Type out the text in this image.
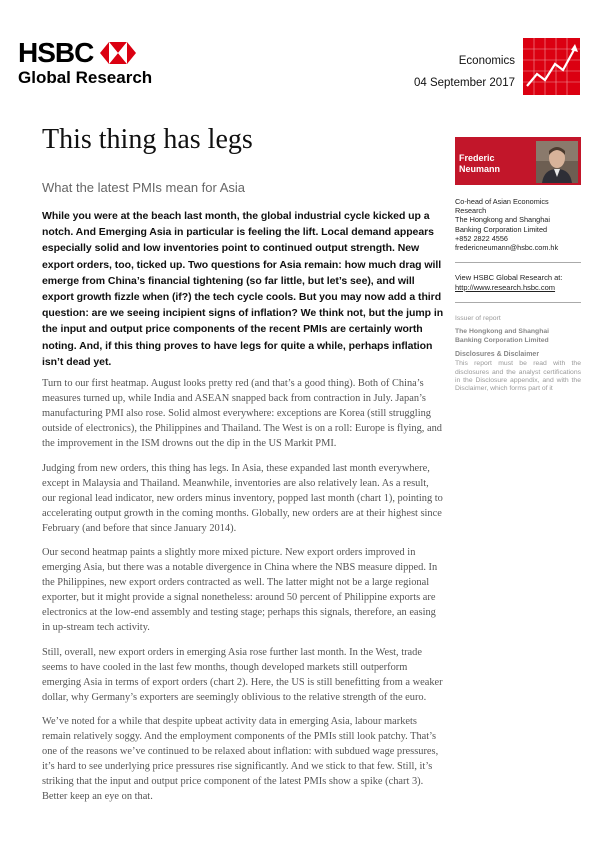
HSBC
Global Research
Economics
04 September 2017
This thing has legs
What the latest PMIs mean for Asia

While you were at the beach last month, the global industrial cycle kicked up a notch. And Emerging Asia in particular is feeling the lift. Local demand appears especially solid and low inventories point to continued output strength. New export orders, too, ticked up. Two questions for Asia remain: how much drag will emerge from China’s financial tightening (so far little, but let’s see), and will export growth fizzle when (if?) the tech cycle cools. But you may now add a third question: are we seeing incipient signs of inflation? We think not, but the jump in the input and output price components of the recent PMIs are certainly worth noting. And, if this thing proves to have legs for quite a while, perhaps inflation isn’t dead yet.

Turn to our first heatmap. August looks pretty red (and that’s a good thing). Both of China’s measures turned up, while India and ASEAN snapped back from contraction in July. Japan’s manufacturing PMI also rose. Solid almost everywhere: exceptions are Korea (still struggling outside of electronics), the Philippines and Thailand. The West is on a roll: Europe is flying, and the improvement in the ISM drowns out the dip in the US Markit PMI.

Judging from new orders, this thing has legs. In Asia, these expanded last month everywhere, except in Malaysia and Thailand. Meanwhile, inventories are also relatively lean. As a result, our regional lead indicator, new orders minus inventory, popped last month (chart 1), pointing to accelerating output growth in the coming months. Globally, new orders are at their highest since February (and before that since January 2014).

Our second heatmap paints a slightly more mixed picture. New export orders improved in emerging Asia, but there was a notable divergence in China where the NBS measure dipped. In the Philippines, new export orders contracted as well. The latter might not be a large regional exporter, but it might provide a signal nonetheless: around 50 percent of Philippine exports are electronics at the low-end assembly and testing stage; perhaps this signals, therefore, an easing in up-stream tech activity.

Still, overall, new export orders in emerging Asia rose further last month. In the West, trade seems to have cooled in the last few months, though developed markets still outperform emerging Asia in terms of export orders (chart 2). Here, the US is still benefitting from a weaker dollar, why Germany’s exporters are seemingly oblivious to the relative strength of the euro.

We’ve noted for a while that despite upbeat activity data in emerging Asia, labour markets remain relatively soggy. And the employment components of the PMIs still look patchy. That’s one of the reasons we’ve continued to be relaxed about inflation: with subdued wage pressures, it’s hard to see underlying price pressures rise significantly. And we stick to that few. Still, it’s striking that the input and output price component of the latest PMIs show a spike (chart 3). Better keep an eye on that.

Frederic
Neumann
Co-head of Asian Economics
Research
The Hongkong and Shanghai
Banking Corporation Limited
+852 2822 4556
fredericneumann@hsbc.com.hk
View HSBC Global Research at:
http://www.research.hsbc.com
Issuer of report
The Hongkong and Shanghai
Banking Corporation Limited
Disclosures & Disclaimer
This report must be read with the disclosures and the analyst certifications in the Disclosure appendix, and with the Disclaimer, which forms part of it
